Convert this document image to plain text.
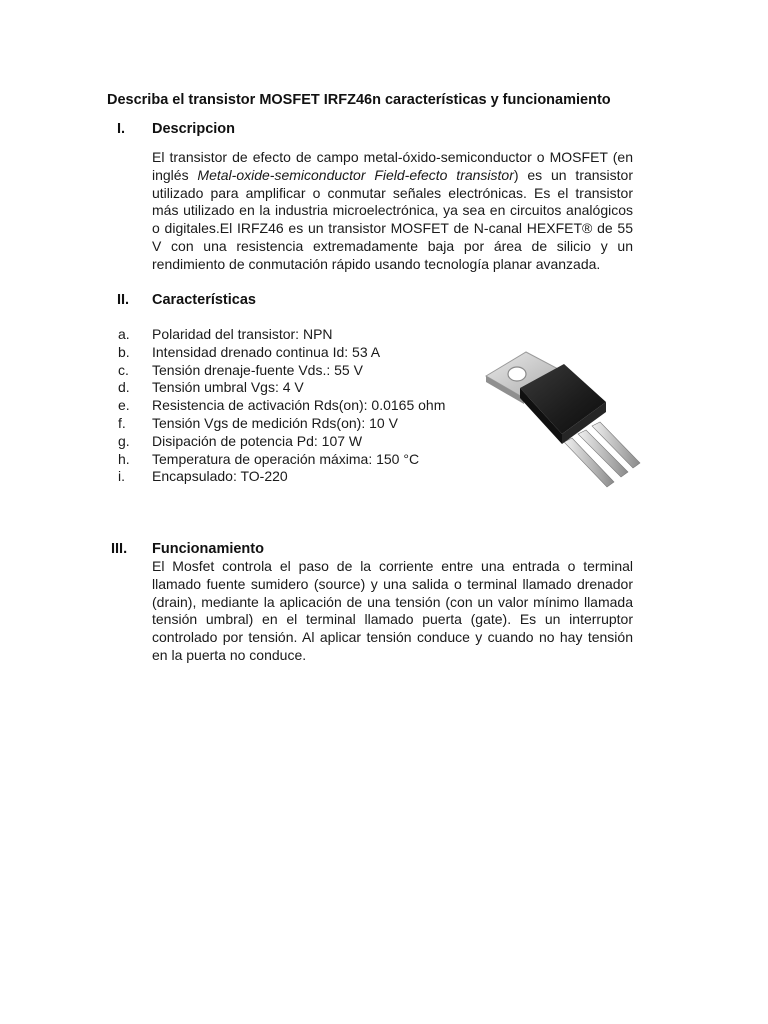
Describa el transistor MOSFET IRFZ46n características y funcionamiento
I. Descripcion
El transistor de efecto de campo metal-óxido-semiconductor o MOSFET (en
inglés Metal-oxide-semiconductor Field-efecto transistor) es un transistor
utilizado para amplificar o conmutar señales electrónicas. Es el transistor
más utilizado en la industria microelectrónica, ya sea en circuitos analógicos
o digitales.El IRFZ46 es un transistor MOSFET de N-canal HEXFET® de 55
V con una resistencia extremadamente baja por área de silicio y un
rendimiento de conmutación rápido usando tecnología planar avanzada.
II. Características
a.	Polaridad del transistor: NPN
b.	Intensidad drenado continua Id: 53 A
c.	Tensión drenaje-fuente Vds.: 55 V
d.	Tensión umbral Vgs: 4 V
e.	Resistencia de activación Rds(on): 0.0165 ohm
f.	Tensión Vgs de medición Rds(on): 10 V
g.	Disipación de potencia Pd: 107 W
h.	Temperatura de operación máxima: 150 °C
i.	Encapsulado: TO-220
III. Funcionamiento
El Mosfet controla el paso de la corriente entre una entrada o terminal
llamado fuente sumidero (source) y una salida o terminal llamado drenador
(drain), mediante la aplicación de una tensión (con un valor mínimo llamada
tensión umbral) en el terminal llamado puerta (gate). Es un interruptor
controlado por tensión. Al aplicar tensión conduce y cuando no hay tensión
en la puerta no conduce.
